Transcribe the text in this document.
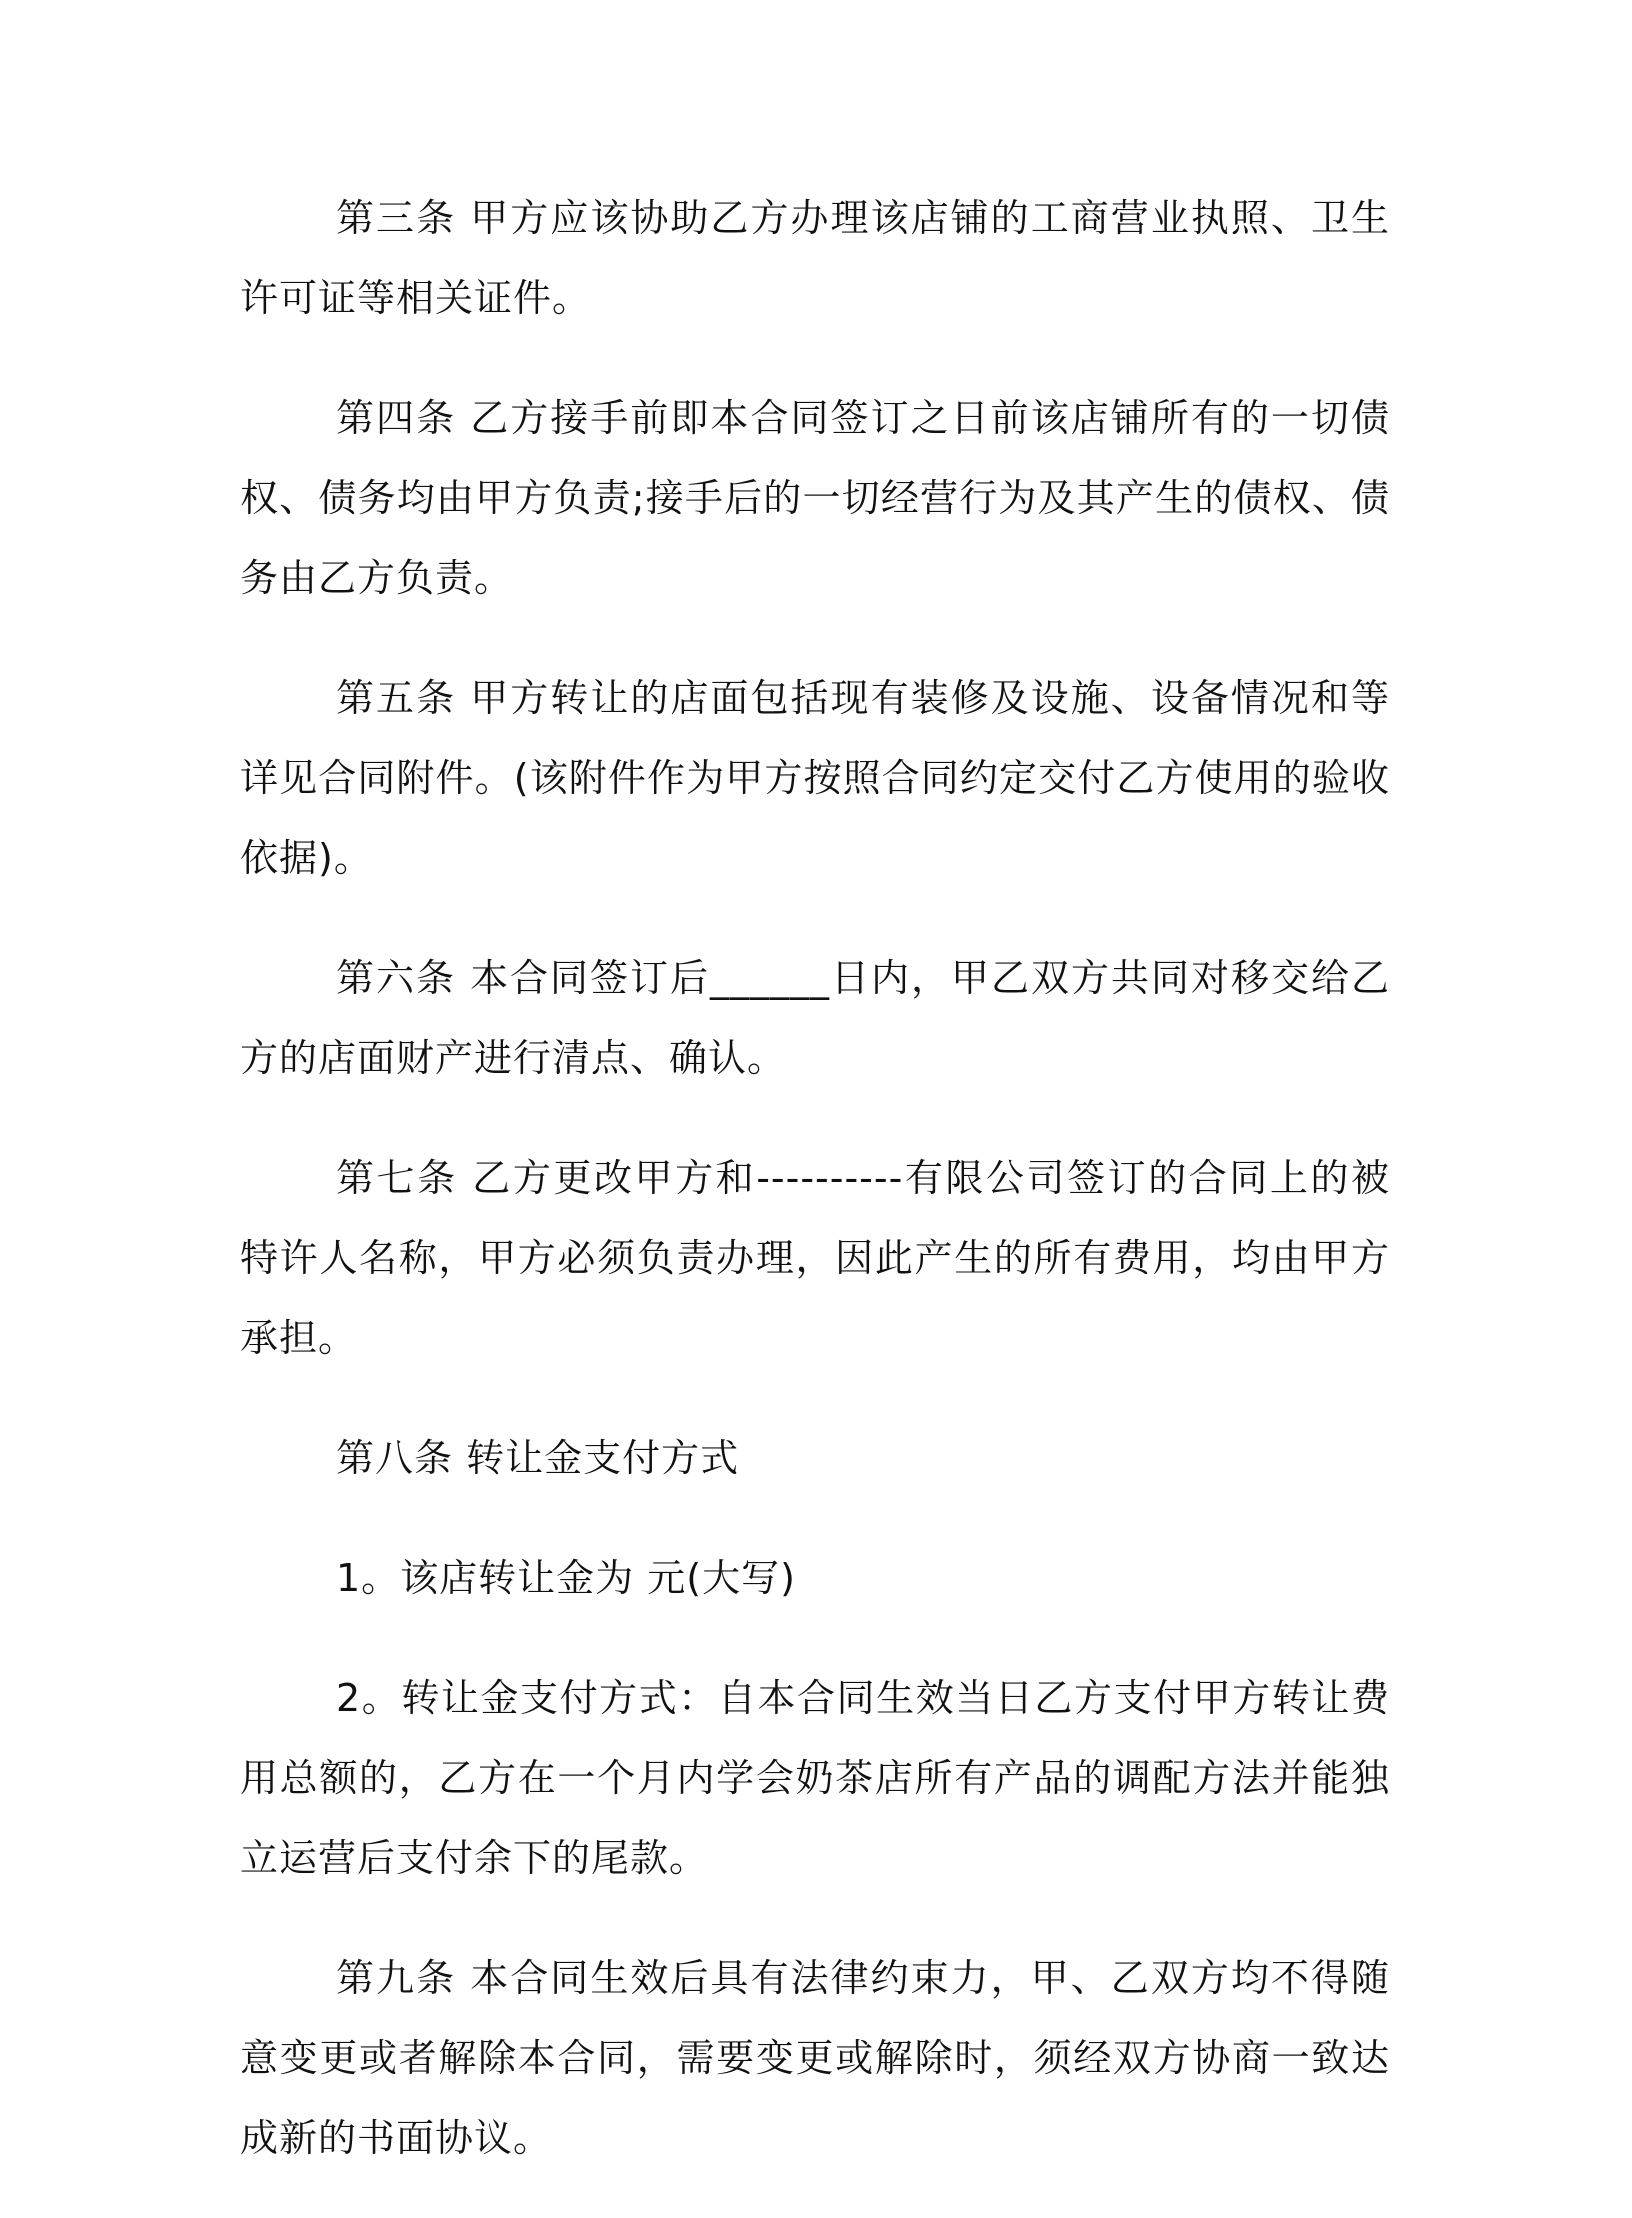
第三条 甲方应该协助乙方办理该店铺的工商营业执照、卫生许可证等相关证件。

第四条 乙方接手前即本合同签订之日前该店铺所有的一切债权、债务均由甲方负责;接手后的一切经营行为及其产生的债权、债务由乙方负责。

第五条 甲方转让的店面包括现有装修及设施、设备情况和等详见合同附件。(该附件作为甲方按照合同约定交付乙方使用的验收依据)。

第六条 本合同签订后______日内，甲乙双方共同对移交给乙方的店面财产进行清点、确认。

第七条 乙方更改甲方和----------有限公司签订的合同上的被特许人名称，甲方必须负责办理，因此产生的所有费用，均由甲方承担。

第八条 转让金支付方式

1。该店转让金为 元(大写)

2。转让金支付方式：自本合同生效当日乙方支付甲方转让费用总额的，乙方在一个月内学会奶茶店所有产品的调配方法并能独立运营后支付余下的尾款。

第九条 本合同生效后具有法律约束力，甲、乙双方均不得随意变更或者解除本合同，需要变更或解除时，须经双方协商一致达成新的书面协议。
